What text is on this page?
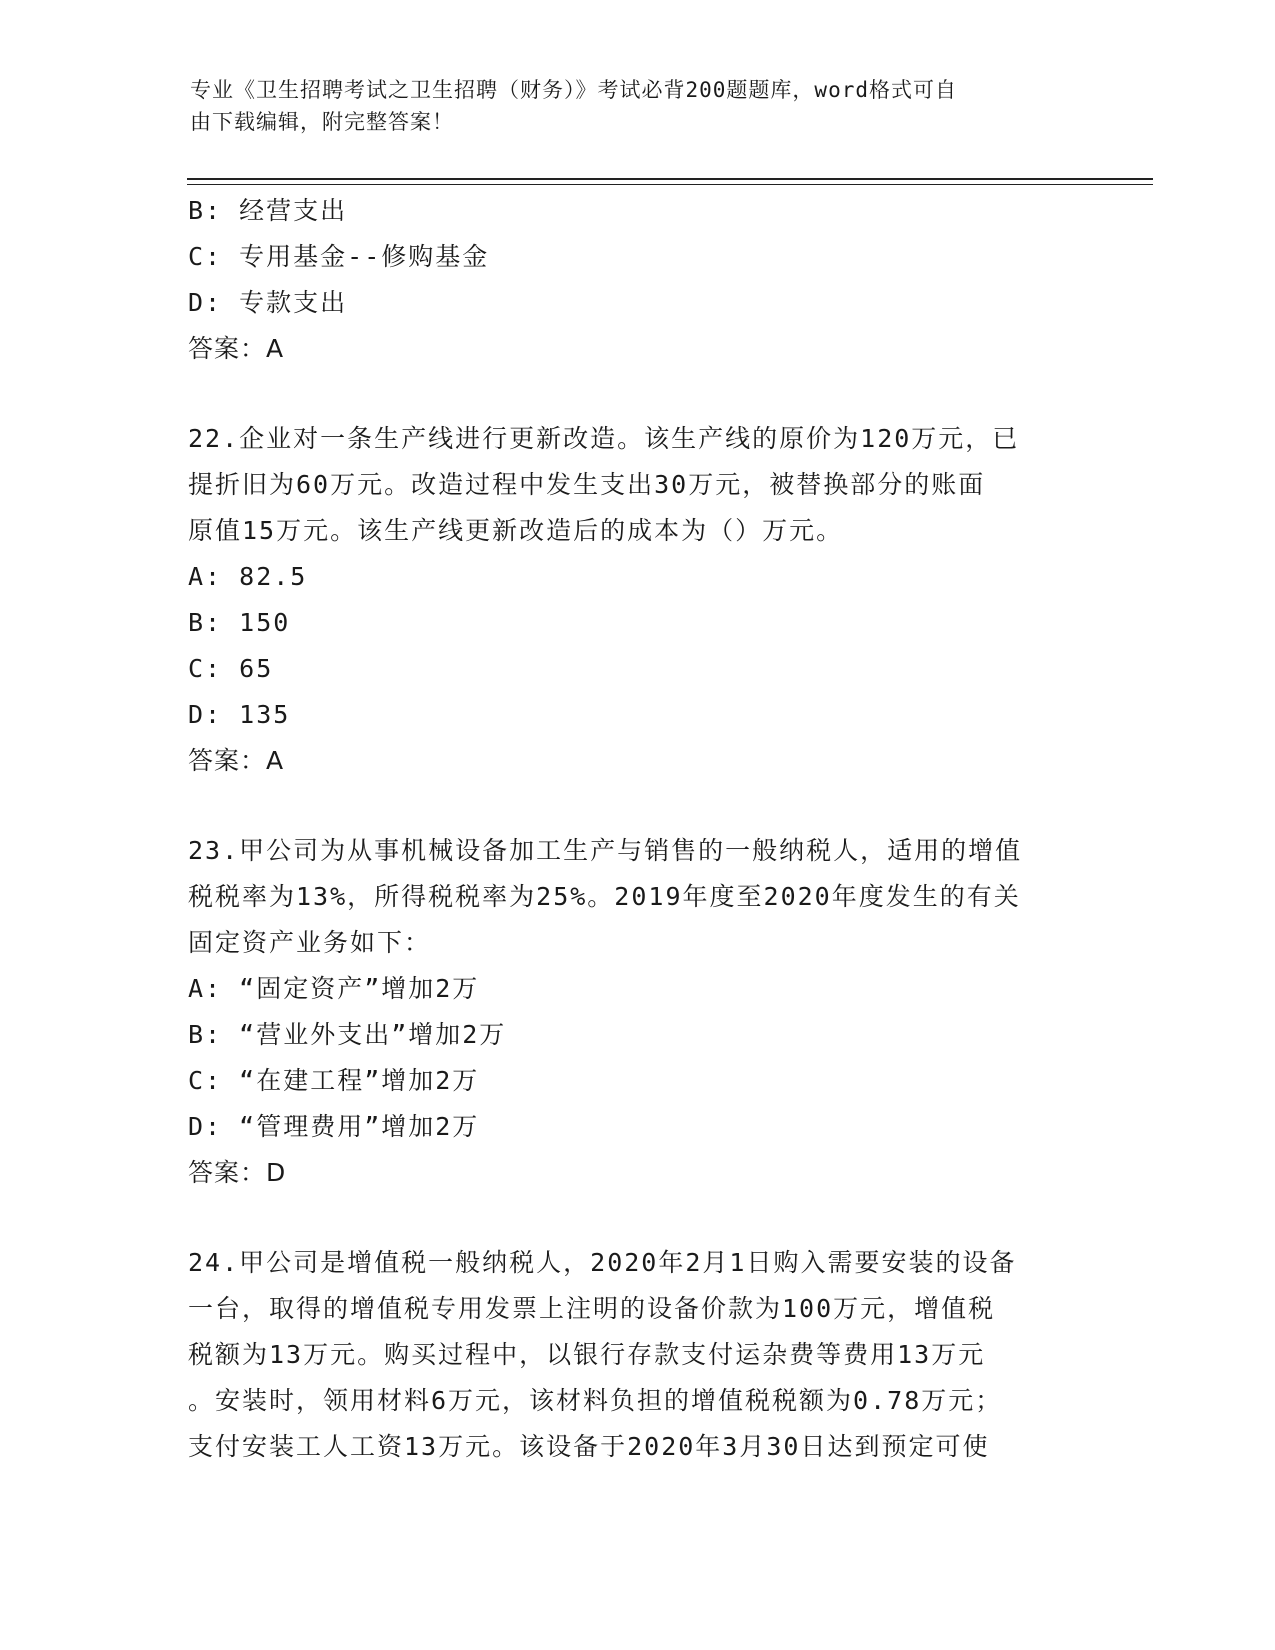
专业《卫生招聘考试之卫生招聘（财务）》考试必背200题题库，word格式可自
由下载编辑，附完整答案！
B: 经营支出
C: 专用基金--修购基金
D: 专款支出
答案：A
22.企业对一条生产线进行更新改造。该生产线的原价为120万元，已
提折旧为60万元。改造过程中发生支出30万元，被替换部分的账面
原值15万元。该生产线更新改造后的成本为（）万元。
A: 82.5
B: 150
C: 65
D: 135
答案：A
23.甲公司为从事机械设备加工生产与销售的一般纳税人，适用的增值
税税率为13%，所得税税率为25%。2019年度至2020年度发生的有关
固定资产业务如下：
A: “固定资产”增加2万
B: “营业外支出”增加2万
C: “在建工程”增加2万
D: “管理费用”增加2万
答案：D
24.甲公司是增值税一般纳税人，2020年2月1日购入需要安装的设备
一台，取得的增值税专用发票上注明的设备价款为100万元，增值税
税额为13万元。购买过程中，以银行存款支付运杂费等费用13万元
。安装时，领用材料6万元，该材料负担的增值税税额为0.78万元；
支付安装工人工资13万元。该设备于2020年3月30日达到预定可使
